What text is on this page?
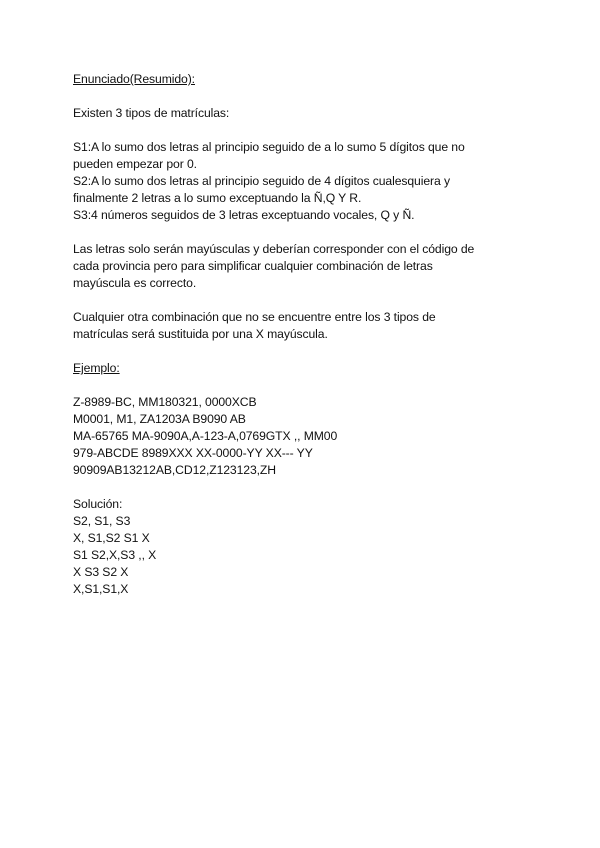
Enunciado(Resumido):

Existen 3 tipos de matrículas:

S1:A lo sumo dos letras al principio seguido de a lo sumo 5 dígitos que no

pueden empezar por 0.

S2:A lo sumo dos letras al principio seguido de 4 dígitos cualesquiera y

finalmente 2 letras a lo sumo exceptuando la Ñ,Q Y R.

S3:4 números seguidos de 3 letras exceptuando vocales, Q y Ñ.

Las letras solo serán mayúsculas y deberían corresponder con el código de

cada provincia pero para simplificar cualquier combinación de letras

mayúscula es correcto.

Cualquier otra combinación que no se encuentre entre los 3 tipos de

matrículas será sustituida por una X mayúscula.

Ejemplo:

Z-8989-BC, MM180321, 0000XCB

M0001, M1, ZA1203A B9090 AB

MA-65765 MA-9090A,A-123-A,0769GTX ,, MM00

979-ABCDE 8989XXX XX-0000-YY XX--- YY

90909AB13212AB,CD12,Z123123,ZH

Solución:

S2, S1, S3

X, S1,S2 S1 X

S1 S2,X,S3 ,, X

X S3 S2 X

X,S1,S1,X
